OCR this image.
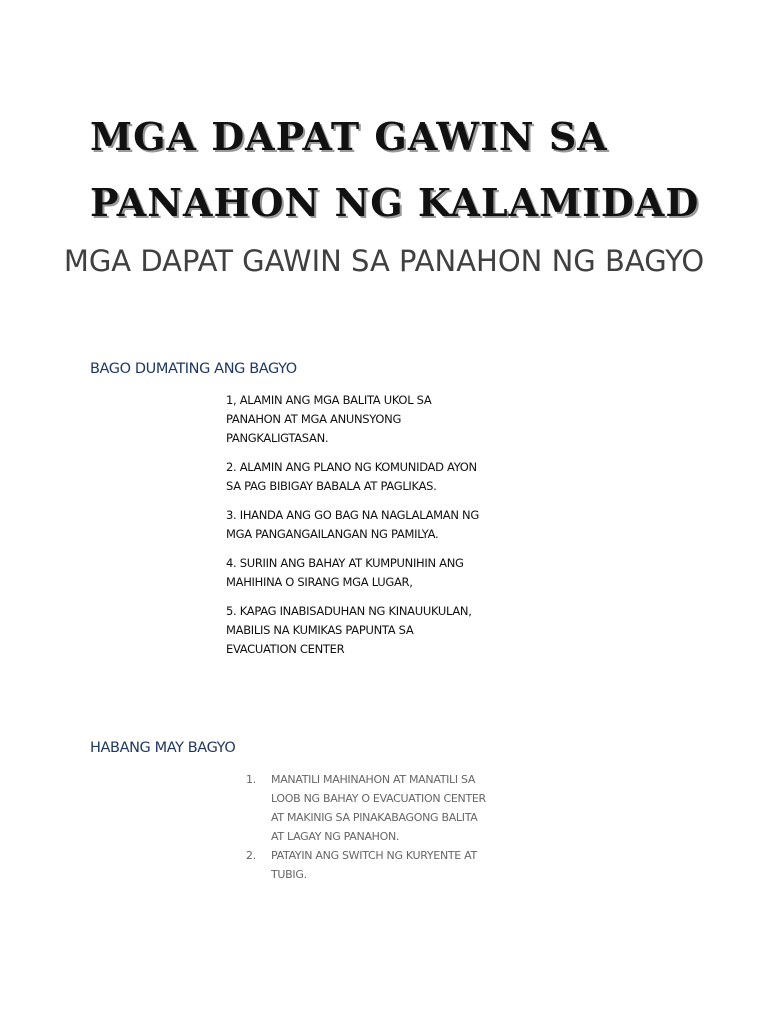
MGA DAPAT GAWIN SA PANAHON NG KALAMIDAD
MGA DAPAT GAWIN SA PANAHON NG BAGYO
BAGO DUMATING ANG BAGYO
1, ALAMIN ANG MGA BALITA UKOL SA PANAHON AT MGA ANUNSYONG PANGKALIGTASAN.
2. ALAMIN ANG PLANO NG KOMUNIDAD AYON SA PAG BIBIGAY BABALA AT PAGLIKAS.
3. IHANDA ANG GO BAG NA NAGLALAMAN NG MGA PANGANGAILANGAN NG PAMILYA.
4. SURIIN ANG BAHAY AT KUMPUNIHIN ANG MAHIHINA O SIRANG MGA LUGAR,
5. KAPAG INABISADUHAN NG KINAUUKULAN, MABILIS NA KUMIKAS PAPUNTA SA EVACUATION CENTER
HABANG MAY BAGYO
1.	MANATILI MAHINAHON AT MANATILI SA LOOB NG BAHAY O EVACUATION CENTER AT MAKINIG SA PINAKABAGONG BALITA AT LAGAY NG PANAHON.
2.	PATAYIN ANG SWITCH NG KURYENTE AT TUBIG.
